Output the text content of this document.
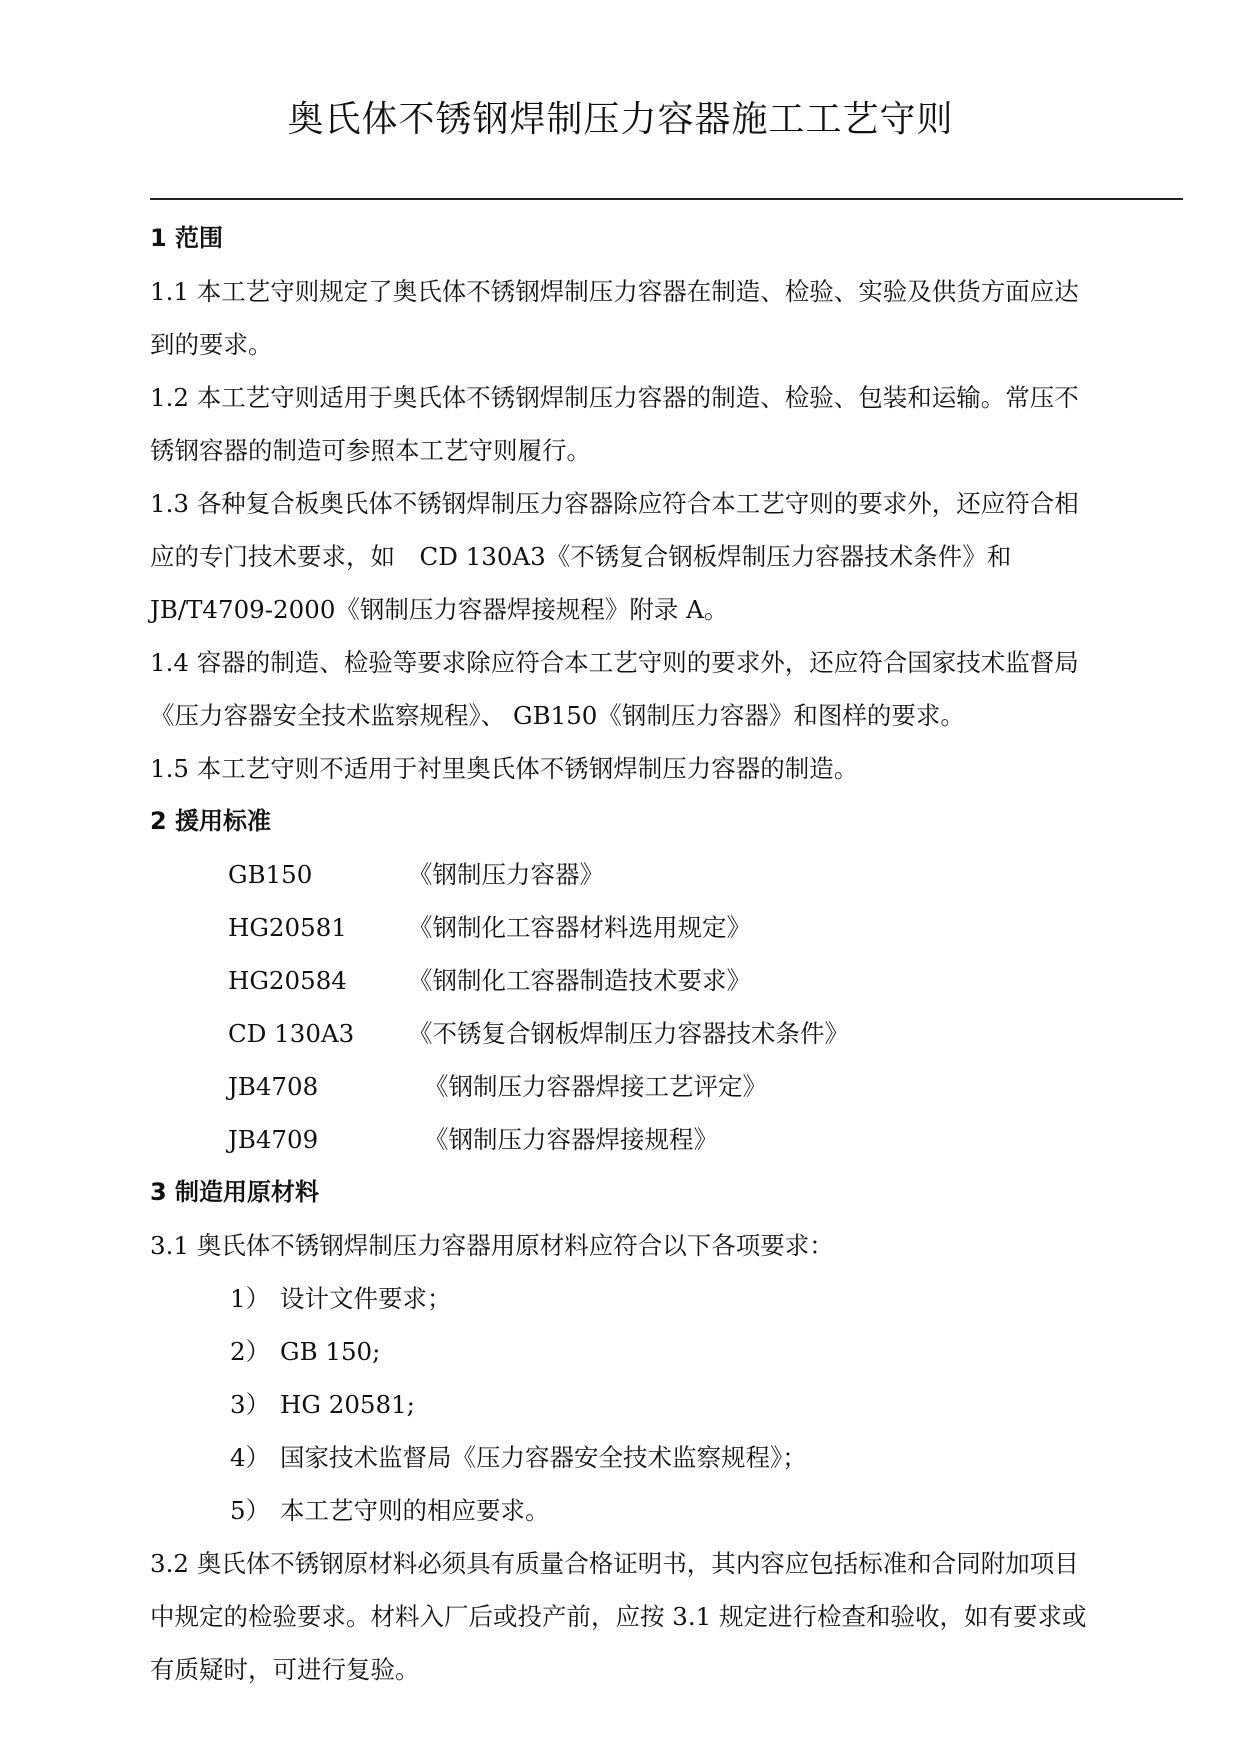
奥氏体不锈钢焊制压力容器施工工艺守则
1 范围
1.1 本工艺守则规定了奥氏体不锈钢焊制压力容器在制造、检验、实验及供货方面应达
到的要求。
1.2 本工艺守则适用于奥氏体不锈钢焊制压力容器的制造、检验、包装和运输。常压不
锈钢容器的制造可参照本工艺守则履行。
1.3 各种复合板奥氏体不锈钢焊制压力容器除应符合本工艺守则的要求外，还应符合相
应的专门技术要求，如　CD 130A3《不锈复合钢板焊制压力容器技术条件》和
JB/T4709-2000《钢制压力容器焊接规程》附录 A。
1.4 容器的制造、检验等要求除应符合本工艺守则的要求外，还应符合国家技术监督局
《压力容器安全技术监察规程》、 GB150《钢制压力容器》和图样的要求。
1.5 本工艺守则不适用于衬里奥氏体不锈钢焊制压力容器的制造。
2 援用标准
GB150	《钢制压力容器》
HG20581 《钢制化工容器材料选用规定》
HG20584 《钢制化工容器制造技术要求》
CD 130A3 《不锈复合钢板焊制压力容器技术条件》
JB4708	《钢制压力容器焊接工艺评定》
JB4709	《钢制压力容器焊接规程》
3 制造用原材料
3.1 奥氏体不锈钢焊制压力容器用原材料应符合以下各项要求：
1） 设计文件要求；
2） GB 150;
3） HG 20581;
4） 国家技术监督局《压力容器安全技术监察规程》；
5） 本工艺守则的相应要求。
3.2 奥氏体不锈钢原材料必须具有质量合格证明书，其内容应包括标准和合同附加项目
中规定的检验要求。材料入厂后或投产前，应按 3.1 规定进行检查和验收，如有要求或
有质疑时，可进行复验。
